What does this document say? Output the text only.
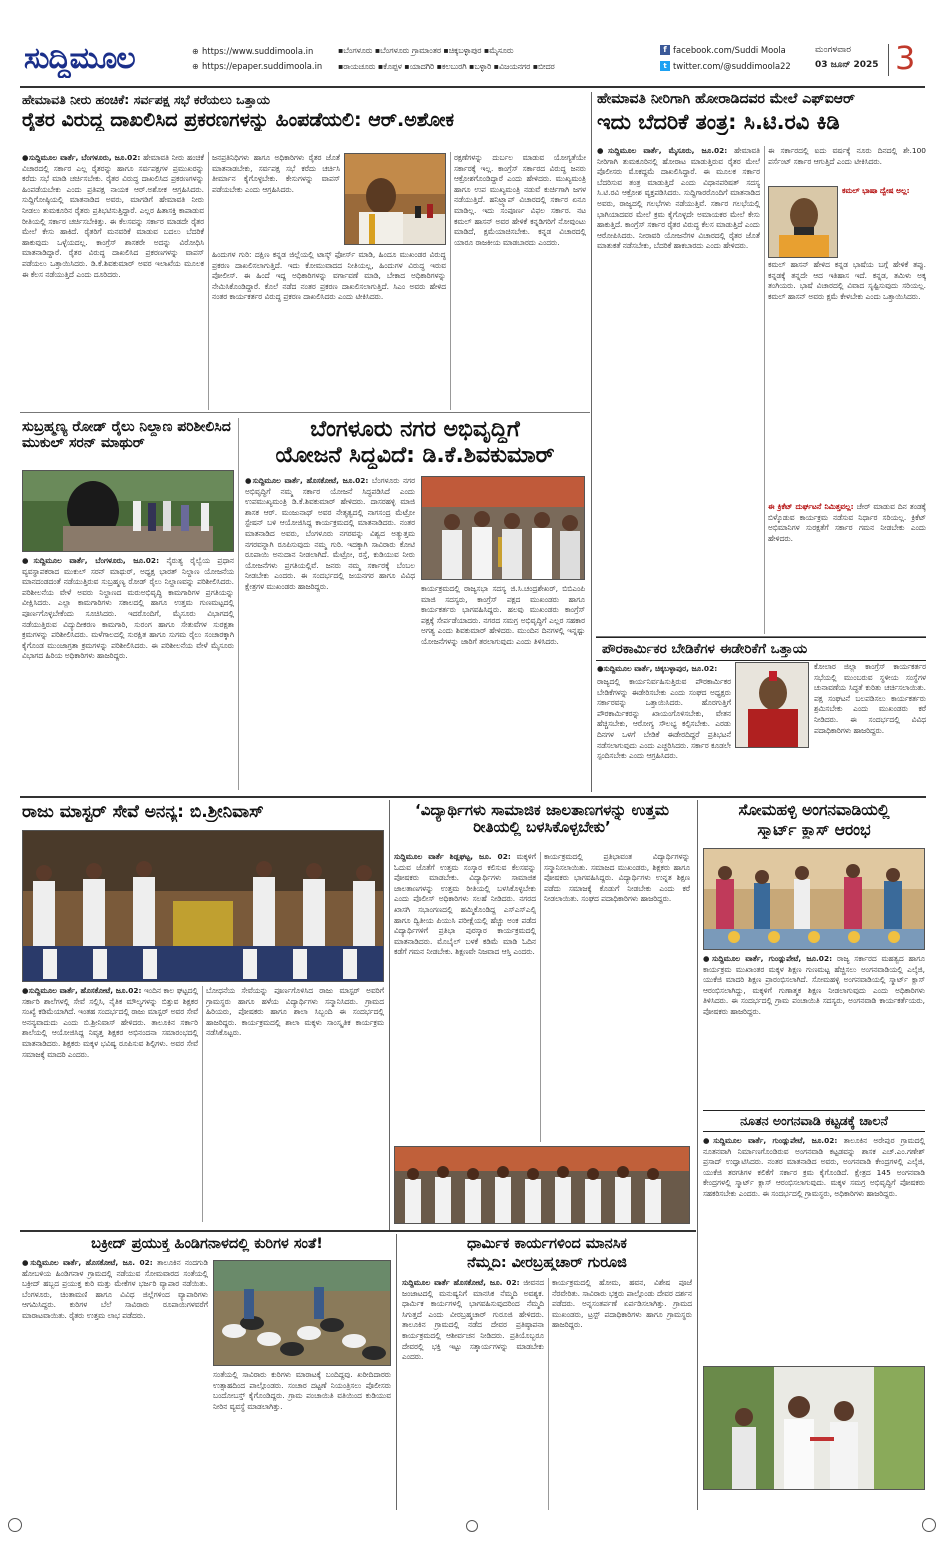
ಸುದ್ದಿಮೂಲ	⊕ https://www.suddimoola.in
⊕ https://epaper.suddimoola.in
▪ಬೆಂಗಳೂರು ▪ಬೆಂಗಳೂರು ಗ್ರಾಮಾಂತರ ▪ಚಿಕ್ಕಬಳ್ಳಾಪುರ ▪ಮೈಸೂರು
▪ರಾಯಚೂರು ▪ಕೊಪ್ಪಳ ▪ಯಾದಗಿರಿ ▪ಕಲಬುರಗಿ ▪ಬಳ್ಳಾರಿ ▪ವಿಜಯನಗರ ▪ಬೀದರ
f facebook.com/Suddi Moola
t twitter.com/@suddimoola22
ಮಂಗಳವಾರ
03 ಜೂನ್ 2025 3
ಹೇಮಾವತಿ ನೀರು ಹಂಚಿಕೆ: ಸರ್ವಪಕ್ಷ ಸಭೆ ಕರೆಯಲು ಒತ್ತಾಯ
ರೈತರ ವಿರುದ್ಧ ದಾಖಲಿಸಿದ ಪ್ರಕರಣಗಳನ್ನು ಹಿಂಪಡೆಯಲಿ: ಆರ್.ಅಶೋಕ
●ಸುದ್ದಿಮೂಲ ವಾರ್ತೆ, ಬೆಂಗಳೂರು, ಜೂ.02: ಹೇಮಾವತಿ ನೀರು ಹಂಚಿಕೆ ವಿಚಾರದಲ್ಲಿ ಸರ್ಕಾರ ಎಲ್ಲ ರೈತರನ್ನು ಹಾಗೂ ಸರ್ವಪಕ್ಷಗಳ ಪ್ರಮುಖರನ್ನು ಕರೆದು ಸಭೆ ಮಾಡಿ ಚರ್ಚಿಸಬೇಕು. ರೈತರ ವಿರುದ್ಧ ದಾಖಲಿಸಿದ ಪ್ರಕರಣಗಳನ್ನು ಹಿಂಪಡೆಯಬೇಕು ಎಂದು ಪ್ರತಿಪಕ್ಷ ನಾಯಕ ಆರ್.ಅಶೋಕ ಆಗ್ರಹಿಸಿದರು. ಸುದ್ದಿಗೋಷ್ಠಿಯಲ್ಲಿ ಮಾತನಾಡಿದ ಅವರು, ಮಾಗಡಿಗೆ ಹೇಮಾವತಿ ನೀರು ನೀಡಲು ತುಮಕೂರಿನ ರೈತರು ಪ್ರತಿಭಟಿಸುತ್ತಿದ್ದಾರೆ. ಎಲ್ಲರ ಹಿತಾಸಕ್ತಿ ಕಾಪಾಡುವ ರೀತಿಯಲ್ಲಿ ಸರ್ಕಾರ ಚರ್ಚಿಸಬೇಕಿತ್ತು. ಈ ಕೆಲಸವನ್ನು ಸರ್ಕಾರ ಮಾಡದೇ ರೈತರ ಮೇಲೆ ಕೇಸು ಹಾಕಿದೆ. ರೈತರಿಗೆ ಮನವರಿಕೆ ಮಾಡುವ ಬದಲು ಬೆದರಿಕೆ ಹಾಕುವುದು ಒಳ್ಳೆಯದಲ್ಲ. ಕಾಂಗ್ರೆಸ್ ಶಾಸಕರೇ ಅದನ್ನು ವಿರೋಧಿಸಿ ಮಾತನಾಡಿದ್ದಾರೆ. ರೈತರ ವಿರುದ್ಧ ದಾಖಲಿಸಿದ ಪ್ರಕರಣಗಳನ್ನು ವಾಪಸ್ ಪಡೆಯಲು ಒತ್ತಾಯಿಸಿದರು. ಡಿ.ಕೆ.ಶಿವಕುಮಾರ್ ಅವರ ಇಲಾಖೆಯ ಮೂಲಕ ಈ ಕೆಲಸ ನಡೆಯುತ್ತಿದೆ ಎಂದು ದೂರಿದರು.
ಜನಪ್ರತಿನಿಧಿಗಳು ಹಾಗೂ ಅಧಿಕಾರಿಗಳು ರೈತರ ಜೊತೆ ಮಾತನಾಡಬೇಕು, ಸರ್ವಪಕ್ಷ ಸಭೆ ಕರೆದು ಚರ್ಚಿಸಿ ತೀರ್ಮಾನ ಕೈಗೊಳ್ಳಬೇಕು. ಕೇಸುಗಳನ್ನು ವಾಪಸ್ ಪಡೆಯಬೇಕು ಎಂದು ಆಗ್ರಹಿಸಿದರು.
ಹಿಂದುಗಳ ಗುರಿ: ದಕ್ಷಿಣ ಕನ್ನಡ ಜಿಲ್ಲೆಯಲ್ಲಿ ಟಾಸ್ಕ್ ಫೋರ್ಸ್ ಮಾಡಿ, ಹಿಂದೂ ಮುಖಂಡರ ವಿರುದ್ಧ ಪ್ರಕರಣ ದಾಖಲಿಸಲಾಗುತ್ತಿದೆ. ಇದು ಕೋಮುವಾದದ ನೀತಿಯಲ್ಲ, ಹಿಂದುಗಳ ವಿರುದ್ಧ ಇರುವ ಪೋಲೀಸ್. ಈ ಹಿಂದೆ ಇದ್ದ ಅಧಿಕಾರಿಗಳನ್ನು ವರ್ಗಾವಣೆ ಮಾಡಿ, ಬೇಕಾದ ಅಧಿಕಾರಿಗಳನ್ನು ನೇಮಿಸಿಕೊಂಡಿದ್ದಾರೆ. ಕೊಲೆ ನಡೆದ ನಂತರ ಪ್ರಕರಣ ದಾಖಲಿಸಲಾಗುತ್ತಿದೆ. ಸಿಎಂ ಅವರು ಹೇಳಿದ ನಂತರ ಕಾರ್ಯಕರ್ತರ ವಿರುದ್ಧ ಪ್ರಕರಣ ದಾಖಲಿಸಿದರು ಎಂದು ಟೀಕಿಸಿದರು.
ರಕ್ಷಣೆಗಳನ್ನು ದುರ್ಬಲ ಮಾಡುವ ಯೋಗ್ಯತೆಯೇ ಸರ್ಕಾರಕ್ಕೆ ಇಲ್ಲ. ಕಾಂಗ್ರೆಸ್ ಸರ್ಕಾರದ ವಿರುದ್ಧ ಜನರು ಆಕ್ರೋಶಗೊಂಡಿದ್ದಾರೆ ಎಂದು ಹೇಳಿದರು. ಮುಖ್ಯಮಂತ್ರಿ ಹಾಗೂ ಉಪ ಮುಖ್ಯಮಂತ್ರಿ ನಡುವೆ ಕುರ್ಚಿಗಾಗಿ ಜಗಳ ನಡೆಯುತ್ತಿದೆ. ಹನಿಟ್ರ್ಯಾಪ್ ವಿಚಾರದಲ್ಲಿ ಸರ್ಕಾರ ಏನೂ ಮಾಡಿಲ್ಲ. ಇದು ಸಂಪೂರ್ಣ ವಿಫಲ ಸರ್ಕಾರ. ನಟ ಕಮಲ್ ಹಾಸನ್ ಅವರ ಹೇಳಿಕೆ ಕನ್ನಡಿಗರಿಗೆ ನೋವುಂಟು ಮಾಡಿದೆ, ಕ್ಷಮೆಯಾಚಿಸಬೇಕು. ಕನ್ನಡ ವಿಚಾರದಲ್ಲಿ ಯಾರೂ ರಾಜಕೀಯ ಮಾಡಬಾರದು ಎಂದರು.
ಹೇಮಾವತಿ ನೀರಿಗಾಗಿ ಹೋರಾಡಿದವರ ಮೇಲೆ ಎಫ್ಐಆರ್
ಇದು ಬೆದರಿಕೆ ತಂತ್ರ: ಸಿ.ಟಿ.ರವಿ ಕಿಡಿ
●ಸುದ್ದಿಮೂಲ ವಾರ್ತೆ, ಮೈಸೂರು, ಜೂ.02: ಹೇಮಾವತಿ ನೀರಿಗಾಗಿ ತುಮಕೂರಿನಲ್ಲಿ ಹೋರಾಟ ಮಾಡುತ್ತಿರುವ ರೈತರ ಮೇಲೆ ಪೊಲೀಸರು ಮೊಕದ್ದಮೆ ದಾಖಲಿಸಿದ್ದಾರೆ. ಈ ಮೂಲಕ ಸರ್ಕಾರ ಬೆದರಿಸುವ ತಂತ್ರ ಮಾಡುತ್ತಿದೆ ಎಂದು ವಿಧಾನಪರಿಷತ್ ಸದಸ್ಯ ಸಿ.ಟಿ.ರವಿ ಆಕ್ರೋಶ ವ್ಯಕ್ತಪಡಿಸಿದರು. ಸುದ್ದಿಗಾರರೊಂದಿಗೆ ಮಾತನಾಡಿದ ಅವರು, ರಾಜ್ಯದಲ್ಲಿ ಗಲಭೆಗಳು ನಡೆಯುತ್ತಿವೆ. ಸರ್ಕಾರ ಗಲಭೆಯಲ್ಲಿ ಭಾಗಿಯಾದವರ ಮೇಲೆ ಕ್ರಮ ಕೈಗೊಳ್ಳದೇ ಅಮಾಯಕರ ಮೇಲೆ ಕೇಸು ಹಾಕುತ್ತಿದೆ. ಕಾಂಗ್ರೆಸ್ ಸರ್ಕಾರ ರೈತರ ವಿರುದ್ಧ ಕೆಲಸ ಮಾಡುತ್ತಿದೆ ಎಂದು ಆರೋಪಿಸಿದರು. ನೀರಾವರಿ ಯೋಜನೆಗಳ ವಿಚಾರದಲ್ಲಿ ರೈತರ ಜೊತೆ ಮಾತುಕತೆ ನಡೆಸಬೇಕು, ಬೆದರಿಕೆ ಹಾಕಬಾರದು ಎಂದು ಹೇಳಿದರು.
ಈ ಸರ್ಕಾರದಲ್ಲಿ ಐದು ವರ್ಷಕ್ಕೆ ನೂರು ದಿನದಲ್ಲಿ ಶೇ.100 ಪರ್ಸೆಂಟ್ ಸರ್ಕಾರ ಆಗುತ್ತಿದೆ ಎಂದು ಟೀಕಿಸಿದರು.
ಕಮಲ್ ಭಾಷಾ ದ್ವೇಷ ಅಲ್ಲ:
ಕಮಲ್ ಹಾಸನ್ ಹೇಳಿದ ಕನ್ನಡ ಭಾಷೆಯ ಬಗ್ಗೆ ಹೇಳಿಕೆ ತಪ್ಪು. ಕನ್ನಡಕ್ಕೆ ತನ್ನದೇ ಆದ ಇತಿಹಾಸ ಇದೆ. ಕನ್ನಡ, ತಮಿಳು ಅಕ್ಕ ತಂಗಿಯರು. ಭಾಷೆ ವಿಚಾರದಲ್ಲಿ ವಿವಾದ ಸೃಷ್ಟಿಸುವುದು ಸರಿಯಲ್ಲ. ಕಮಲ್ ಹಾಸನ್ ಅವರು ಕ್ಷಮೆ ಕೇಳಬೇಕು ಎಂದು ಒತ್ತಾಯಿಸಿದರು.
ಈ ಕ್ರಿಕೆಟ್ ದುರ್ಘಟನೆ ನಿಮಿತ್ತವಲ್ಲ: ಚೇರ್ ಮಾಡುವ ದಿನ ತಂಡಕ್ಕೆ ಬಿಳ್ಕೊಡುವ ಕಾರ್ಯಕ್ರಮ ನಡೆಸುವ ನಿರ್ಧಾರ ಸರಿಯಲ್ಲ. ಕ್ರಿಕೆಟ್ ಅಭಿಮಾನಿಗಳ ಸುರಕ್ಷತೆಗೆ ಸರ್ಕಾರ ಗಮನ ನೀಡಬೇಕು ಎಂದು ಹೇಳಿದರು.
ಸುಬ್ರಹ್ಮಣ್ಯ ರೋಡ್ ರೈಲು ನಿಲ್ದಾಣ ಪರಿಶೀಲಿಸಿದ ಮುಕುಲ್ ಸರನ್ ಮಾಥುರ್
●ಸುದ್ದಿಮೂಲ ವಾರ್ತೆ, ಬೆಂಗಳೂರು, ಜೂ.02: ನೈರುತ್ಯ ರೈಲ್ವೆಯ ಪ್ರಧಾನ ವ್ಯವಸ್ಥಾಪಕರಾದ ಮುಕುಲ್ ಸರನ್ ಮಾಥುರ್, ಅಧ್ಯಕ್ಷ ಭಾರತ್ ನಿಲ್ದಾಣ ಯೋಜನೆಯ ಮಾನದಂಡದಂತೆ ನಡೆಯುತ್ತಿರುವ ಸುಬ್ರಹ್ಮಣ್ಯ ರೋಡ್ ರೈಲು ನಿಲ್ದಾಣವನ್ನು ಪರಿಶೀಲಿಸಿದರು. ಪರಿಶೀಲನೆಯ ವೇಳೆ ಅವರು ನಿಲ್ದಾಣದ ಮರುಅಭಿವೃದ್ಧಿ ಕಾಮಗಾರಿಗಳ ಪ್ರಗತಿಯನ್ನು ವೀಕ್ಷಿಸಿದರು. ಎಲ್ಲಾ ಕಾಮಗಾರಿಗಳು ಸಕಾಲದಲ್ಲಿ ಹಾಗೂ ಉತ್ತಮ ಗುಣಮಟ್ಟದಲ್ಲಿ ಪೂರ್ಣಗೊಳ್ಳಬೇಕೆಂದು ಸೂಚಿಸಿದರು. ಇದರೊಂದಿಗೆ, ಮೈಸೂರು ವಿಭಾಗದಲ್ಲಿ ನಡೆಯುತ್ತಿರುವ ವಿದ್ಯುದೀಕರಣ ಕಾಮಗಾರಿ, ಸುರಂಗ ಹಾಗೂ ಸೇತುವೆಗಳ ಸುರಕ್ಷತಾ ಕ್ರಮಗಳನ್ನು ಪರಿಶೀಲಿಸಿದರು. ಮಳೆಗಾಲದಲ್ಲಿ ಸುರಕ್ಷಿತ ಹಾಗೂ ಸುಗಮ ರೈಲು ಸಂಚಾರಕ್ಕಾಗಿ ಕೈಗೊಂಡ ಮುಂಜಾಗ್ರತಾ ಕ್ರಮಗಳನ್ನು ಪರಿಶೀಲಿಸಿದರು. ಈ ಪರಿಶೀಲನೆಯ ವೇಳೆ ಮೈಸೂರು ವಿಭಾಗದ ಹಿರಿಯ ಅಧಿಕಾರಿಗಳು ಹಾಜರಿದ್ದರು.
ಬೆಂಗಳೂರು ನಗರ ಅಭಿವೃದ್ಧಿಗೆ
ಯೋಜನೆ ಸಿದ್ಧವಿದೆ: ಡಿ.ಕೆ.ಶಿವಕುಮಾರ್
●ಸುದ್ದಿಮೂಲ ವಾರ್ತೆ, ಹೊಸಕೋಟೆ, ಜೂ.02: ಬೆಂಗಳೂರು ನಗರ ಅಭಿವೃದ್ಧಿಗೆ ನಮ್ಮ ಸರ್ಕಾರ ಯೋಜನೆ ಸಿದ್ಧಪಡಿಸಿದೆ ಎಂದು ಉಪಮುಖ್ಯಮಂತ್ರಿ ಡಿ.ಕೆ.ಶಿವಕುಮಾರ್ ಹೇಳಿದರು. ದಾಸರಹಳ್ಳಿ ಮಾಜಿ ಶಾಸಕ ಆರ್. ಮಂಜುನಾಥ್ ಅವರ ನೇತೃತ್ವದಲ್ಲಿ ನಾಗಸಂದ್ರ ಮೆಟ್ರೋ ಸ್ಟೇಷನ್ ಬಳಿ ಆಯೋಜಿಸಿದ್ದ ಕಾರ್ಯಕ್ರಮದಲ್ಲಿ ಮಾತನಾಡಿದರು. ನಂತರ ಮಾತನಾಡಿದ ಅವರು, ಬೆಂಗಳೂರು ನಗರವನ್ನು ವಿಶ್ವದ ಅತ್ಯುತ್ತಮ ನಗರವನ್ನಾಗಿ ರೂಪಿಸುವುದು ನಮ್ಮ ಗುರಿ. ಇದಕ್ಕಾಗಿ ಸಾವಿರಾರು ಕೋಟಿ ರೂಪಾಯಿ ಅನುದಾನ ನೀಡಲಾಗಿದೆ. ಮೆಟ್ರೋ, ರಸ್ತೆ, ಕುಡಿಯುವ ನೀರು ಯೋಜನೆಗಳು ಪ್ರಗತಿಯಲ್ಲಿವೆ. ಜನರು ನಮ್ಮ ಸರ್ಕಾರಕ್ಕೆ ಬೆಂಬಲ ನೀಡಬೇಕು ಎಂದರು. ಈ ಸಂದರ್ಭದಲ್ಲಿ ಜಯನಗರ ಹಾಗೂ ವಿವಿಧ ಕ್ಷೇತ್ರಗಳ ಮುಖಂಡರು ಹಾಜರಿದ್ದರು.	ಕಾರ್ಯಕ್ರಮದಲ್ಲಿ ರಾಜ್ಯಸಭಾ ಸದಸ್ಯ ಜಿ.ಸಿ.ಚಂದ್ರಶೇಖರ್, ಬಿಬಿಎಂಪಿ ಮಾಜಿ ಸದಸ್ಯರು, ಕಾಂಗ್ರೆಸ್ ಪಕ್ಷದ ಮುಖಂಡರು ಹಾಗೂ ಕಾರ್ಯಕರ್ತರು ಭಾಗವಹಿಸಿದ್ದರು. ಹಲವು ಮುಖಂಡರು ಕಾಂಗ್ರೆಸ್ ಪಕ್ಷಕ್ಕೆ ಸೇರ್ಪಡೆಯಾದರು. ನಗರದ ಸಮಗ್ರ ಅಭಿವೃದ್ಧಿಗೆ ಎಲ್ಲರ ಸಹಕಾರ ಅಗತ್ಯ ಎಂದು ಶಿವಕುಮಾರ್ ಹೇಳಿದರು. ಮುಂದಿನ ದಿನಗಳಲ್ಲಿ ಇನ್ನಷ್ಟು ಯೋಜನೆಗಳನ್ನು ಜಾರಿಗೆ ತರಲಾಗುವುದು ಎಂದು ತಿಳಿಸಿದರು.	ಪೌರಕಾರ್ಮಿಕರ ಬೇಡಿಕೆಗಳ ಈಡೇರಿಕೆಗೆ ಒತ್ತಾಯ
●ಸುದ್ದಿಮೂಲ ವಾರ್ತೆ, ಚಿಕ್ಕಬಳ್ಳಾಪುರ, ಜೂ.02:
ರಾಜ್ಯದಲ್ಲಿ ಕಾರ್ಯನಿರ್ವಹಿಸುತ್ತಿರುವ ಪೌರಕಾರ್ಮಿಕರ ಬೇಡಿಕೆಗಳನ್ನು ಈಡೇರಿಸಬೇಕು ಎಂದು ಸಂಘದ ಅಧ್ಯಕ್ಷರು ಸರ್ಕಾರವನ್ನು ಒತ್ತಾಯಿಸಿದರು. ಹೊರಗುತ್ತಿಗೆ ಪೌರಕಾರ್ಮಿಕರನ್ನು ಖಾಯಂಗೊಳಿಸಬೇಕು, ವೇತನ ಹೆಚ್ಚಿಸಬೇಕು, ಆರೋಗ್ಯ ಸೌಲಭ್ಯ ಕಲ್ಪಿಸಬೇಕು. ಎರಡು ದಿನಗಳ ಒಳಗೆ ಬೇಡಿಕೆ ಈಡೇರದಿದ್ದರೆ ಪ್ರತಿಭಟನೆ ನಡೆಸಲಾಗುವುದು ಎಂದು ಎಚ್ಚರಿಸಿದರು. ಸರ್ಕಾರ ಕೂಡಲೇ ಸ್ಪಂದಿಸಬೇಕು ಎಂದು ಆಗ್ರಹಿಸಿದರು.
ಕೋಲಾರ ಜಿಲ್ಲಾ ಕಾಂಗ್ರೆಸ್ ಕಾರ್ಯಕರ್ತರ ಸಭೆಯಲ್ಲಿ ಮುಂಬರುವ ಸ್ಥಳೀಯ ಸಂಸ್ಥೆಗಳ ಚುನಾವಣೆಯ ಸಿದ್ಧತೆ ಕುರಿತು ಚರ್ಚಿಸಲಾಯಿತು. ಪಕ್ಷ ಸಂಘಟನೆ ಬಲಪಡಿಸಲು ಕಾರ್ಯಕರ್ತರು ಶ್ರಮಿಸಬೇಕು ಎಂದು ಮುಖಂಡರು ಕರೆ ನೀಡಿದರು. ಈ ಸಂದರ್ಭದಲ್ಲಿ ವಿವಿಧ ಪದಾಧಿಕಾರಿಗಳು ಹಾಜರಿದ್ದರು.
ರಾಜು ಮಾಸ್ಟರ್ ಸೇವೆ ಅನನ್ಯ: ಬಿ.ಶ್ರೀನಿವಾಸ್
●ಸುದ್ದಿಮೂಲ ವಾರ್ತೆ, ಹೊಸಕೋಟೆ, ಜೂ.02: ಇಂದಿನ ಕಾಲ ಘಟ್ಟದಲ್ಲಿ ಸರ್ಕಾರಿ ಶಾಲೆಗಳಲ್ಲಿ ಸೇವೆ ಸಲ್ಲಿಸಿ, ನೈತಿಕ ಮೌಲ್ಯಗಳನ್ನು ಬಿತ್ತುವ ಶಿಕ್ಷಕರ ಸಂಖ್ಯೆ ಕಡಿಮೆಯಾಗಿದೆ. ಇಂತಹ ಸಂದರ್ಭದಲ್ಲಿ ರಾಜು ಮಾಸ್ಟರ್ ಅವರ ಸೇವೆ ಅನನ್ಯವಾದುದು ಎಂದು ಬಿ.ಶ್ರೀನಿವಾಸ್ ಹೇಳಿದರು. ತಾಲೂಕಿನ ಸರ್ಕಾರಿ ಶಾಲೆಯಲ್ಲಿ ಆಯೋಜಿಸಿದ್ದ ನಿವೃತ್ತ ಶಿಕ್ಷಕರ ಅಭಿನಂದನಾ ಸಮಾರಂಭದಲ್ಲಿ ಮಾತನಾಡಿದರು. ಶಿಕ್ಷಕರು ಮಕ್ಕಳ ಭವಿಷ್ಯ ರೂಪಿಸುವ ಶಿಲ್ಪಿಗಳು. ಅವರ ಸೇವೆ ಸಮಾಜಕ್ಕೆ ಮಾದರಿ ಎಂದರು.
ಬೋಧನೆಯ ಸೇವೆಯನ್ನು ಪೂರ್ಣಗೊಳಿಸಿದ ರಾಜು ಮಾಸ್ಟರ್ ಅವರಿಗೆ ಗ್ರಾಮಸ್ಥರು ಹಾಗೂ ಹಳೆಯ ವಿದ್ಯಾರ್ಥಿಗಳು ಸನ್ಮಾನಿಸಿದರು. ಗ್ರಾಮದ ಹಿರಿಯರು, ಪೋಷಕರು ಹಾಗೂ ಶಾಲಾ ಸಿಬ್ಬಂದಿ ಈ ಸಂದರ್ಭದಲ್ಲಿ ಹಾಜರಿದ್ದರು. ಕಾರ್ಯಕ್ರಮದಲ್ಲಿ ಶಾಲಾ ಮಕ್ಕಳು ಸಾಂಸ್ಕೃತಿಕ ಕಾರ್ಯಕ್ರಮ ನಡೆಸಿಕೊಟ್ಟರು.
‘ವಿದ್ಯಾರ್ಥಿಗಳು ಸಾಮಾಜಿಕ ಜಾಲತಾಣಗಳನ್ನು ಉತ್ತಮ ರೀತಿಯಲ್ಲಿ ಬಳಸಿಕೊಳ್ಳಬೇಕು’
ಸುದ್ದಿಮೂಲ ವಾರ್ತೆ ಶಿಡ್ಲಘಟ್ಟ, ಜೂ. 02: ಮಕ್ಕಳಿಗೆ ಓದುವ ಜೊತೆಗೆ ಉತ್ತಮ ಸಂಸ್ಕಾರ ಕಲಿಸುವ ಕೆಲಸವನ್ನು ಪೋಷಕರು ಮಾಡಬೇಕು. ವಿದ್ಯಾರ್ಥಿಗಳು ಸಾಮಾಜಿಕ ಜಾಲತಾಣಗಳನ್ನು ಉತ್ತಮ ರೀತಿಯಲ್ಲಿ ಬಳಸಿಕೊಳ್ಳಬೇಕು ಎಂದು ಪೊಲೀಸ್ ಅಧಿಕಾರಿಗಳು ಸಲಹೆ ನೀಡಿದರು. ನಗರದ ಖಾಸಗಿ ಸಭಾಂಗಣದಲ್ಲಿ ಹಮ್ಮಿಕೊಂಡಿದ್ದ ಎಸ್ಎಸ್ಎಲ್ಸಿ ಹಾಗೂ ದ್ವಿತೀಯ ಪಿಯುಸಿ ಪರೀಕ್ಷೆಯಲ್ಲಿ ಹೆಚ್ಚು ಅಂಕ ಪಡೆದ ವಿದ್ಯಾರ್ಥಿಗಳಿಗೆ ಪ್ರತಿಭಾ ಪುರಸ್ಕಾರ ಕಾರ್ಯಕ್ರಮದಲ್ಲಿ ಮಾತನಾಡಿದರು. ಮೊಬೈಲ್ ಬಳಕೆ ಕಡಿಮೆ ಮಾಡಿ ಓದಿನ ಕಡೆಗೆ ಗಮನ ನೀಡಬೇಕು. ಶಿಕ್ಷಣವೇ ನಿಜವಾದ ಆಸ್ತಿ ಎಂದರು.
ಕಾರ್ಯಕ್ರಮದಲ್ಲಿ ಪ್ರತಿಭಾವಂತ ವಿದ್ಯಾರ್ಥಿಗಳನ್ನು ಸನ್ಮಾನಿಸಲಾಯಿತು. ಸಮಾಜದ ಮುಖಂಡರು, ಶಿಕ್ಷಕರು ಹಾಗೂ ಪೋಷಕರು ಭಾಗವಹಿಸಿದ್ದರು. ವಿದ್ಯಾರ್ಥಿಗಳು ಉನ್ನತ ಶಿಕ್ಷಣ ಪಡೆದು ಸಮಾಜಕ್ಕೆ ಕೊಡುಗೆ ನೀಡಬೇಕು ಎಂದು ಕರೆ ನೀಡಲಾಯಿತು. ಸಂಘದ ಪದಾಧಿಕಾರಿಗಳು ಹಾಜರಿದ್ದರು.
ಸೋಮಹಳ್ಳಿ ಅಂಗನವಾಡಿಯಲ್ಲಿ
ಸ್ಮಾರ್ಟ್ ಕ್ಲಾಸ್ ಆರಂಭ
●ಸುದ್ದಿಮೂಲ ವಾರ್ತೆ, ಗುಂಡ್ಲುಪೇಟೆ, ಜೂ.02: ರಾಜ್ಯ ಸರ್ಕಾರದ ಮಹತ್ವದ ಹಾಗೂ ಕಾರ್ಯಕ್ರಮ ಮುಖಾಂತರ ಮಕ್ಕಳ ಶಿಕ್ಷಣ ಗುಣಮಟ್ಟ ಹೆಚ್ಚಿಸಲು ಅಂಗನವಾಡಿಯಲ್ಲಿ ಎಲ್ಕೆಜಿ, ಯುಕೆಜಿ ಮಾದರಿ ಶಿಕ್ಷಣ ಪ್ರಾರಂಭಿಸಲಾಗಿದೆ. ಸೋಮಹಳ್ಳಿ ಅಂಗನವಾಡಿಯಲ್ಲಿ ಸ್ಮಾರ್ಟ್ ಕ್ಲಾಸ್ ಆರಂಭಿಸಲಾಗಿದ್ದು, ಮಕ್ಕಳಿಗೆ ಗುಣಾತ್ಮಕ ಶಿಕ್ಷಣ ನೀಡಲಾಗುವುದು ಎಂದು ಅಧಿಕಾರಿಗಳು ತಿಳಿಸಿದರು. ಈ ಸಂದರ್ಭದಲ್ಲಿ ಗ್ರಾಮ ಪಂಚಾಯಿತಿ ಸದಸ್ಯರು, ಅಂಗನವಾಡಿ ಕಾರ್ಯಕರ್ತೆಯರು, ಪೋಷಕರು ಹಾಜರಿದ್ದರು.
ನೂತನ ಅಂಗನವಾಡಿ ಕಟ್ಟಡಕ್ಕೆ ಚಾಲನೆ
●ಸುದ್ದಿಮೂಲ ವಾರ್ತೆ, ಗುಂಡ್ಲುಪೇಟೆ, ಜೂ.02: ತಾಲೂಕಿನ ಅರೇಪುರ ಗ್ರಾಮದಲ್ಲಿ ನೂತನವಾಗಿ ನಿರ್ಮಾಣಗೊಂಡಿರುವ ಅಂಗನವಾಡಿ ಕಟ್ಟಡವನ್ನು ಶಾಸಕ ಎಚ್.ಎಂ.ಗಣೇಶ್ ಪ್ರಸಾದ್ ಉದ್ಘಾಟಿಸಿದರು. ನಂತರ ಮಾತನಾಡಿದ ಅವರು, ಅಂಗನವಾಡಿ ಕೇಂದ್ರಗಳಲ್ಲಿ ಎಲ್ಕೆಜಿ, ಯುಕೆಜಿ ತರಗತಿಗಳ ಕಲಿಕೆಗೆ ಸರ್ಕಾರ ಕ್ರಮ ಕೈಗೊಂಡಿದೆ. ಕ್ಷೇತ್ರದ 145 ಅಂಗನವಾಡಿ ಕೇಂದ್ರಗಳಲ್ಲಿ ಸ್ಮಾರ್ಟ್ ಕ್ಲಾಸ್ ಆರಂಭಿಸಲಾಗುವುದು. ಮಕ್ಕಳ ಸಮಗ್ರ ಅಭಿವೃದ್ಧಿಗೆ ಪೋಷಕರು ಸಹಕರಿಸಬೇಕು ಎಂದರು. ಈ ಸಂದರ್ಭದಲ್ಲಿ ಗ್ರಾಮಸ್ಥರು, ಅಧಿಕಾರಿಗಳು ಹಾಜರಿದ್ದರು.
ಬಕ್ರೀದ್ ಪ್ರಯುಕ್ತ ಹಿಂಡಿಗನಾಳದಲ್ಲಿ ಕುರಿಗಳ ಸಂತೆ!
●ಸುದ್ದಿಮೂಲ ವಾರ್ತೆ, ಹೊಸಕೋಟೆ, ಜೂ. 02: ತಾಲೂಕಿನ ನಂದಗುಡಿ ಹೋಬಳಿಯ ಹಿಂಡಿಗನಾಳ ಗ್ರಾಮದಲ್ಲಿ ನಡೆಯುವ ಸೋಮವಾರದ ಸಂತೆಯಲ್ಲಿ ಬಕ್ರೀದ್ ಹಬ್ಬದ ಪ್ರಯುಕ್ತ ಕುರಿ ಮತ್ತು ಮೇಕೆಗಳ ಭರ್ಜರಿ ವ್ಯಾಪಾರ ನಡೆಯಿತು. ಬೆಂಗಳೂರು, ಚಿಂತಾಮಣಿ ಹಾಗೂ ವಿವಿಧ ಜಿಲ್ಲೆಗಳಿಂದ ವ್ಯಾಪಾರಿಗಳು ಆಗಮಿಸಿದ್ದರು. ಕುರಿಗಳ ಬೆಲೆ ಸಾವಿರಾರು ರೂಪಾಯಿಗಳವರೆಗೆ ಮಾರಾಟವಾಯಿತು. ರೈತರು ಉತ್ತಮ ಲಾಭ ಪಡೆದರು.
ಸಂತೆಯಲ್ಲಿ ಸಾವಿರಾರು ಕುರಿಗಳು ಮಾರಾಟಕ್ಕೆ ಬಂದಿದ್ದವು. ಖರೀದಿದಾರರು ಉತ್ಸಾಹದಿಂದ ಪಾಲ್ಗೊಂಡರು. ಸಂಚಾರ ದಟ್ಟಣೆ ನಿಯಂತ್ರಿಸಲು ಪೊಲೀಸರು ಬಂದೋಬಸ್ತ್ ಕೈಗೊಂಡಿದ್ದರು. ಗ್ರಾಮ ಪಂಚಾಯಿತಿ ವತಿಯಿಂದ ಕುಡಿಯುವ ನೀರಿನ ವ್ಯವಸ್ಥೆ ಮಾಡಲಾಗಿತ್ತು.
ಧಾರ್ಮಿಕ ಕಾರ್ಯಗಳಿಂದ ಮಾನಸಿಕ
ನೆಮ್ಮದಿ: ವೀರಬ್ರಹ್ಮಚಾರ್ ಗುರೂಜಿ
ಸುದ್ದಿಮೂಲ ವಾರ್ತೆ ಹೊಸಕೋಟೆ, ಜೂ. 02: ಜೀವನದ ಜಂಜಾಟದಲ್ಲಿ ಮನುಷ್ಯನಿಗೆ ಮಾನಸಿಕ ನೆಮ್ಮದಿ ಅವಶ್ಯಕ. ಧಾರ್ಮಿಕ ಕಾರ್ಯಗಳಲ್ಲಿ ಭಾಗವಹಿಸುವುದರಿಂದ ನೆಮ್ಮದಿ ಸಿಗುತ್ತದೆ ಎಂದು ವೀರಬ್ರಹ್ಮಚಾರ್ ಗುರೂಜಿ ಹೇಳಿದರು. ತಾಲೂಕಿನ ಗ್ರಾಮದಲ್ಲಿ ನಡೆದ ದೇವರ ಪ್ರತಿಷ್ಠಾಪನಾ ಕಾರ್ಯಕ್ರಮದಲ್ಲಿ ಆಶೀರ್ವಚನ ನೀಡಿದರು. ಪ್ರತಿಯೊಬ್ಬರೂ ದೇವರಲ್ಲಿ ಭಕ್ತಿ ಇಟ್ಟು ಸತ್ಕಾರ್ಯಗಳನ್ನು ಮಾಡಬೇಕು ಎಂದರು.
ಕಾರ್ಯಕ್ರಮದಲ್ಲಿ ಹೋಮ, ಹವನ, ವಿಶೇಷ ಪೂಜೆ ನೆರವೇರಿತು. ಸಾವಿರಾರು ಭಕ್ತರು ಪಾಲ್ಗೊಂಡು ದೇವರ ದರ್ಶನ ಪಡೆದರು. ಅನ್ನಸಂತರ್ಪಣೆ ಏರ್ಪಡಿಸಲಾಗಿತ್ತು. ಗ್ರಾಮದ ಮುಖಂಡರು, ಟ್ರಸ್ಟ್ ಪದಾಧಿಕಾರಿಗಳು ಹಾಗೂ ಗ್ರಾಮಸ್ಥರು ಹಾಜರಿದ್ದರು.
